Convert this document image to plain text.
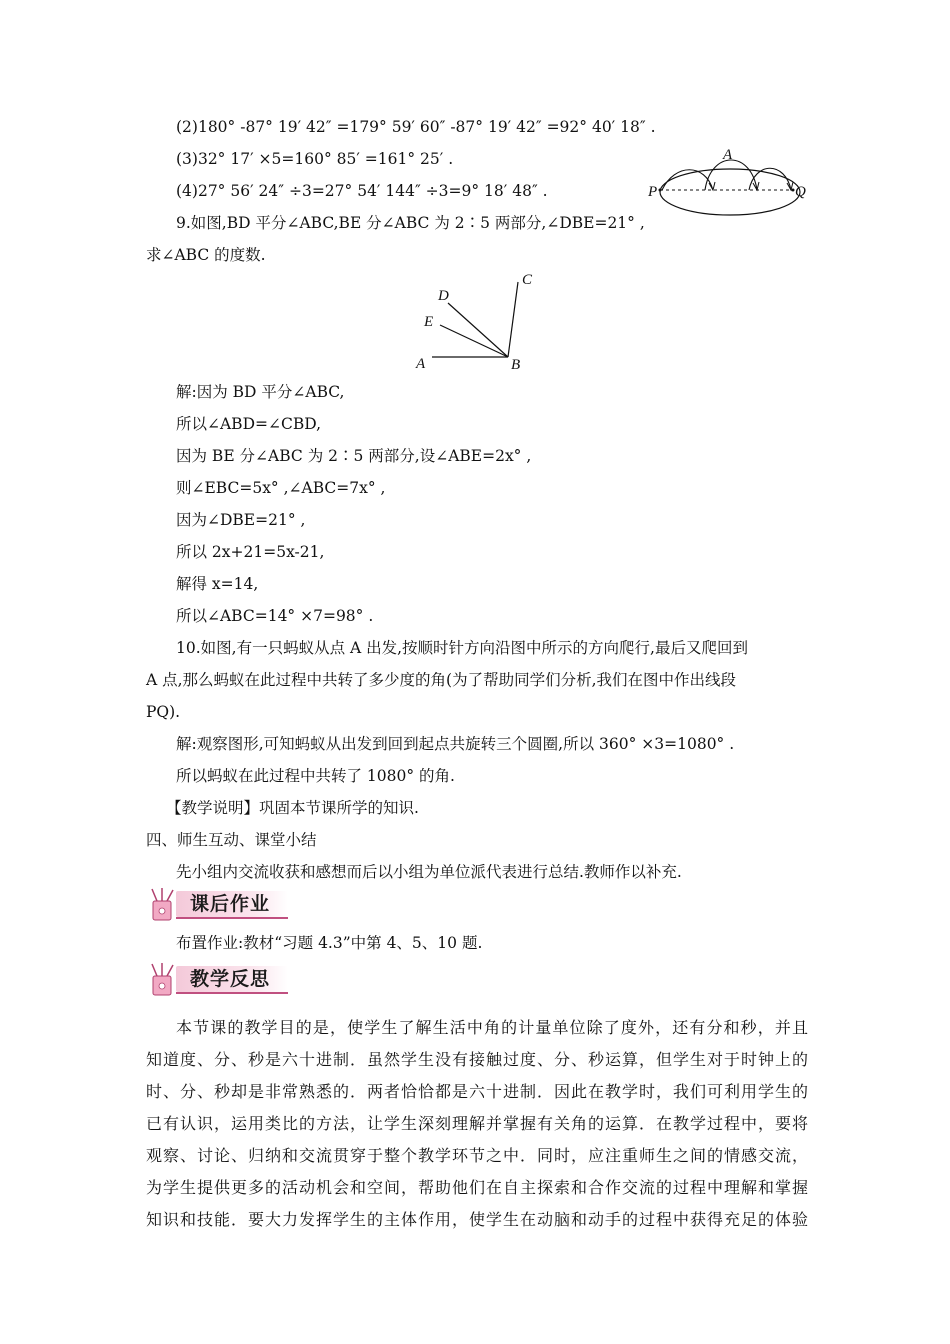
(2)180° -87° 19′ 42″ =179° 59′ 60″ -87° 19′ 42″ =92° 40′ 18″ .
(3)32° 17′ ×5=160° 85′ =161° 25′ .
(4)27° 56′ 24″ ÷3=27° 54′ 144″ ÷3=9° 18′ 48″ .
A
P	Q
9.如图,BD 平分∠ABC,BE 分∠ABC 为 2∶5 两部分,∠DBE=21° ,
求∠ABC 的度数.
A	B
C
D
E
解:因为 BD 平分∠ABC,
所以∠ABD=∠CBD,
因为 BE 分∠ABC 为 2∶5 两部分,设∠ABE=2x° ,
则∠EBC=5x° ,∠ABC=7x° ,
因为∠DBE=21° ,
所以 2x+21=5x-21,
解得 x=14,
所以∠ABC=14° ×7=98° .
10.如图,有一只蚂蚁从点 A 出发,按顺时针方向沿图中所示的方向爬行,最后又爬回到
A 点,那么蚂蚁在此过程中共转了多少度的角(为了帮助同学们分析,我们在图中作出线段
PQ).
解:观察图形,可知蚂蚁从出发到回到起点共旋转三个圆圈,所以 360° ×3=1080° .
所以蚂蚁在此过程中共转了 1080° 的角.
【教学说明】巩固本节课所学的知识.
四、师生互动、课堂小结
先小组内交流收获和感想而后以小组为单位派代表进行总结.教师作以补充.
课后作业
布置作业:教材“习题 4.3”中第 4、5、10 题.
教学反思
本节课的教学目的是，使学生了解生活中角的计量单位除了度外，还有分和秒，并且
知道度、分、秒是六十进制．虽然学生没有接触过度、分、秒运算，但学生对于时钟上的
时、分、秒却是非常熟悉的．两者恰恰都是六十进制．因此在教学时，我们可利用学生的
已有认识，运用类比的方法，让学生深刻理解并掌握有关角的运算．在教学过程中，要将
观察、讨论、归纳和交流贯穿于整个教学环节之中．同时，应注重师生之间的情感交流，
为学生提供更多的活动机会和空间，帮助他们在自主探索和合作交流的过程中理解和掌握
知识和技能．要大力发挥学生的主体作用，使学生在动脑和动手的过程中获得充足的体验
